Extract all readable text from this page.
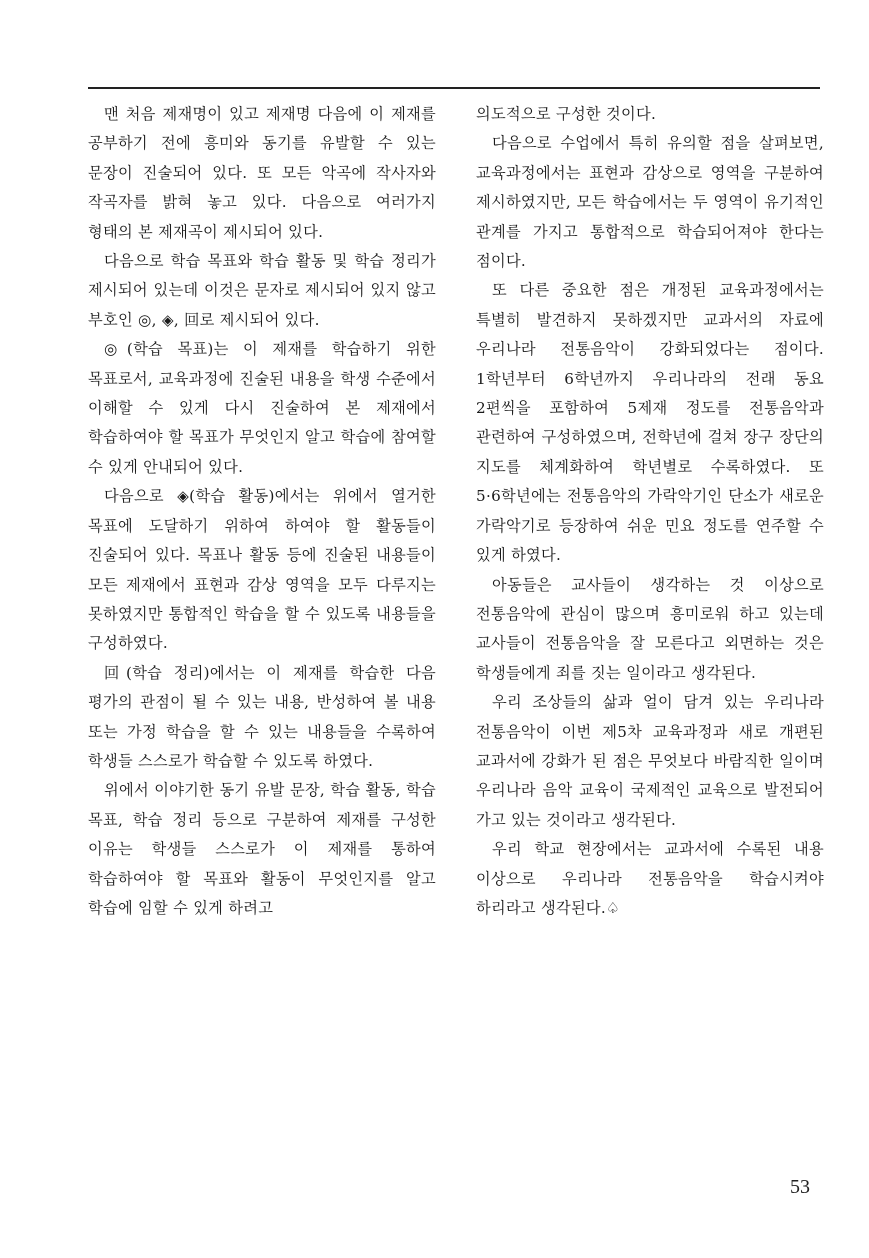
맨 처음 제재명이 있고 제재명 다음에 이 제재를 공부하기 전에 흥미와 동기를 유발할 수 있는 문장이 진술되어 있다. 또 모든 악곡에 작사자와 작곡자를 밝혀 놓고 있다. 다음으로 여러가지 형태의 본 제재곡이 제시되어 있다.

다음으로 학습 목표와 학습 활동 및 학습 정리가 제시되어 있는데 이것은 문자로 제시되어 있지 않고 부호인 ◎, ◈, 回로 제시되어 있다.

◎(학습 목표)는 이 제재를 학습하기 위한 목표로서, 교육과정에 진술된 내용을 학생 수준에서 이해할 수 있게 다시 진술하여 본 제재에서 학습하여야 할 목표가 무엇인지 알고 학습에 참여할 수 있게 안내되어 있다.

다음으로 ◈(학습 활동)에서는 위에서 열거한 목표에 도달하기 위하여 하여야 할 활동들이 진술되어 있다. 목표나 활동 등에 진술된 내용들이 모든 제재에서 표현과 감상 영역을 모두 다루지는 못하였지만 통합적인 학습을 할 수 있도록 내용들을 구성하였다.

回(학습 정리)에서는 이 제재를 학습한 다음 평가의 관점이 될 수 있는 내용, 반성하여 볼 내용 또는 가정 학습을 할 수 있는 내용들을 수록하여 학생들 스스로가 학습할 수 있도록 하였다.

위에서 이야기한 동기 유발 문장, 학습 활동, 학습 목표, 학습 정리 등으로 구분하여 제재를 구성한 이유는 학생들 스스로가 이 제재를 통하여 학습하여야 할 목표와 활동이 무엇인지를 알고 학습에 임할 수 있게 하려고

의도적으로 구성한 것이다.

다음으로 수업에서 특히 유의할 점을 살펴보면, 교육과정에서는 표현과 감상으로 영역을 구분하여 제시하였지만, 모든 학습에서는 두 영역이 유기적인 관계를 가지고 통합적으로 학습되어져야 한다는 점이다.

또 다른 중요한 점은 개정된 교육과정에서는 특별히 발견하지 못하겠지만 교과서의 자료에 우리나라 전통음악이 강화되었다는 점이다. 1학년부터 6학년까지 우리나라의 전래 동요 2편씩을 포함하여 5제재 정도를 전통음악과 관련하여 구성하였으며, 전학년에 걸쳐 장구 장단의 지도를 체계화하여 학년별로 수록하였다. 또 5·6학년에는 전통음악의 가락악기인 단소가 새로운 가락악기로 등장하여 쉬운 민요 정도를 연주할 수 있게 하였다.

아동들은 교사들이 생각하는 것 이상으로 전통음악에 관심이 많으며 흥미로워 하고 있는데 교사들이 전통음악을 잘 모른다고 외면하는 것은 학생들에게 죄를 짓는 일이라고 생각된다.

우리 조상들의 삶과 얼이 담겨 있는 우리나라 전통음악이 이번 제5차 교육과정과 새로 개편된 교과서에 강화가 된 점은 무엇보다 바람직한 일이며 우리나라 음악 교육이 국제적인 교육으로 발전되어 가고 있는 것이라고 생각된다.

우리 학교 현장에서는 교과서에 수록된 내용 이상으로 우리나라 전통음악을 학습시켜야 하리라고 생각된다.♤

53
